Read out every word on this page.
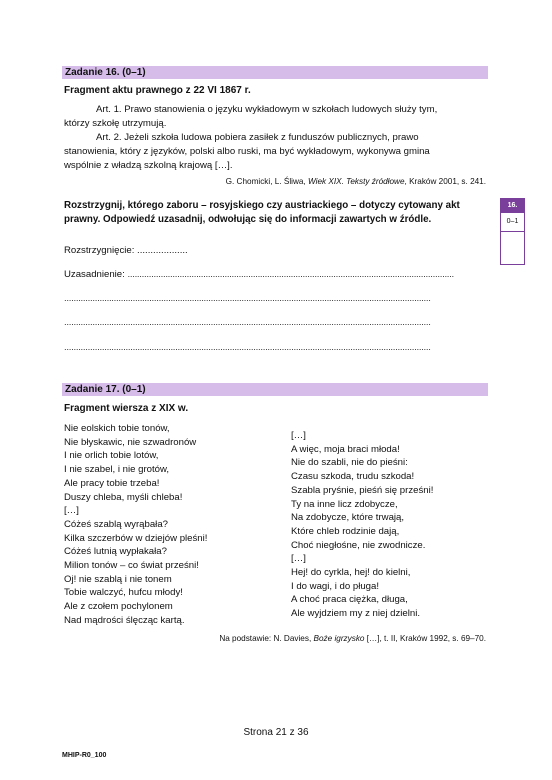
Zadanie 16. (0–1)
Fragment aktu prawnego z 22 VI 1867 r.
Art. 1. Prawo stanowienia o języku wykładowym w szkołach ludowych służy tym,
którzy szkołę utrzymują.
Art. 2. Jeżeli szkoła ludowa pobiera zasiłek z funduszów publicznych, prawo
stanowienia, który z języków, polski albo ruski, ma być wykładowym, wykonywa gmina
wspólnie z władzą szkolną krajową […].
G. Chomicki, L. Śliwa, Wiek XIX. Teksty źródłowe, Kraków 2001, s. 241.
Rozstrzygnij, którego zaboru – rosyjskiego czy austriackiego – dotyczy cytowany akt
prawny. Odpowiedź uzasadnij, odwołując się do informacji zawartych w źródle.
16.
0–1
Rozstrzygnięcie: ...................
Uzasadnienie: ..........................................................................................................................................
...........................................................................................................................................................
...........................................................................................................................................................
...........................................................................................................................................................
Zadanie 17. (0–1)
Fragment wiersza z XIX w.
Nie eolskich tobie tonów,
Nie błyskawic, nie szwadronów
I nie orlich tobie lotów,
I nie szabel, i nie grotów,
Ale pracy tobie trzeba!
Duszy chleba, myśli chleba!
[…]
Cóżeś szablą wyrąbała?
Kilka szczerbów w dziejów pleśni!
Cóżeś lutnią wypłakała?
Milion tonów – co świat prześni!
Oj! nie szablą i nie tonem
Tobie walczyć, hufcu młody!
Ale z czołem pochylonem
Nad mądrości ślęcząc kartą.
[…]
A więc, moja braci młoda!
Nie do szabli, nie do pieśni:
Czasu szkoda, trudu szkoda!
Szabla pryśnie, pieśń się prześni!
Ty na inne licz zdobycze,
Na zdobycze, które trwają,
Które chleb rodzinie dają,
Choć niegłośne, nie zwodnicze.
[…]
Hej! do cyrkla, hej! do kielni,
I do wagi, i do pługa!
A choć praca ciężka, długa,
Ale wyjdziem my z niej dzielni.
Na podstawie: N. Davies, Boże igrzysko […], t. II, Kraków 1992, s. 69–70.
Strona 21 z 36
MHIP-R0_100
